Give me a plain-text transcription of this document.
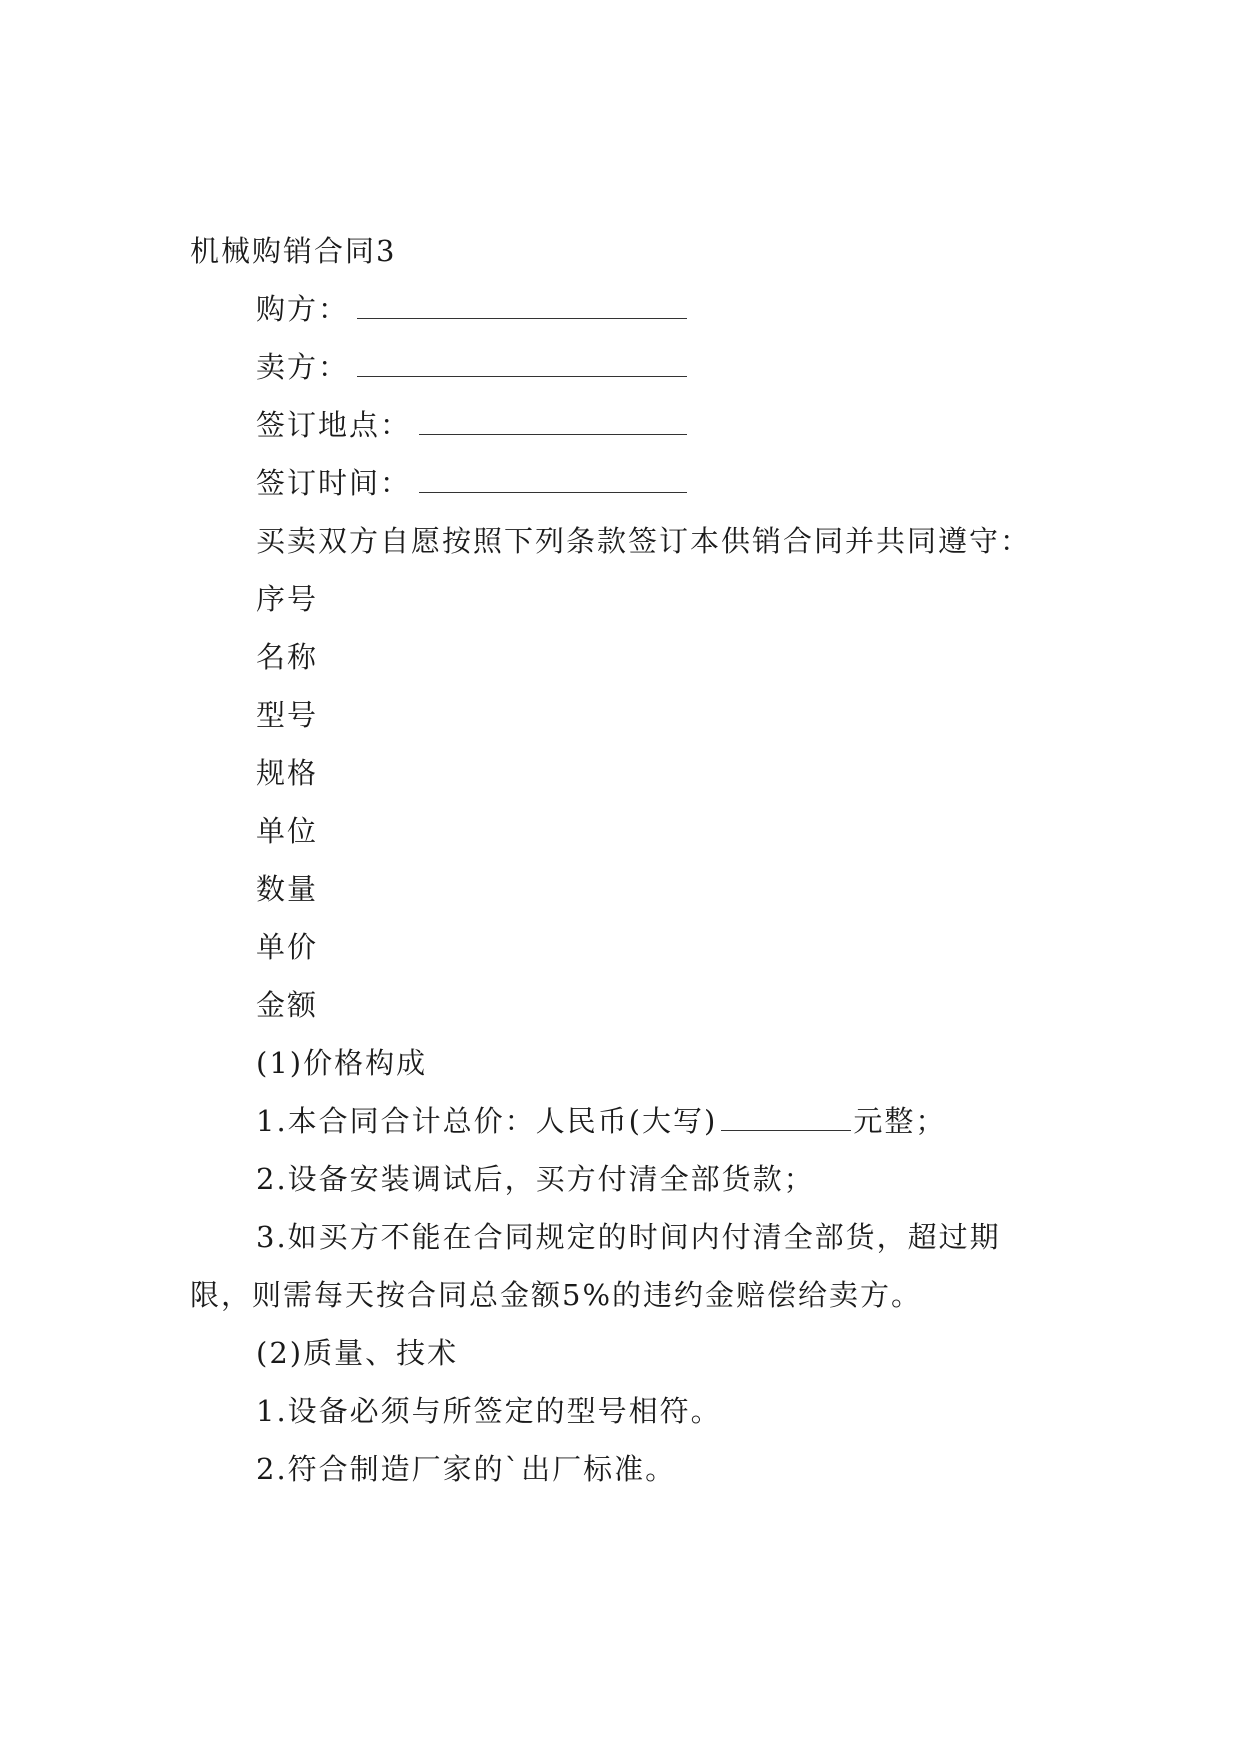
机械购销合同3

购方：

卖方：

签订地点：

签订时间：

买卖双方自愿按照下列条款签订本供销合同并共同遵守：

序号

名称

型号

规格

单位

数量

单价

金额

(1)价格构成

1.本合同合计总价：人民币(大写)	元整；

2.设备安装调试后，买方付清全部货款；

3.如买方不能在合同规定的时间内付清全部货，超过期限，则需每天按合同总金额5%的违约金赔偿给卖方。

(2)质量、技术

1.设备必须与所签定的型号相符。

2.符合制造厂家的`出厂标准。
